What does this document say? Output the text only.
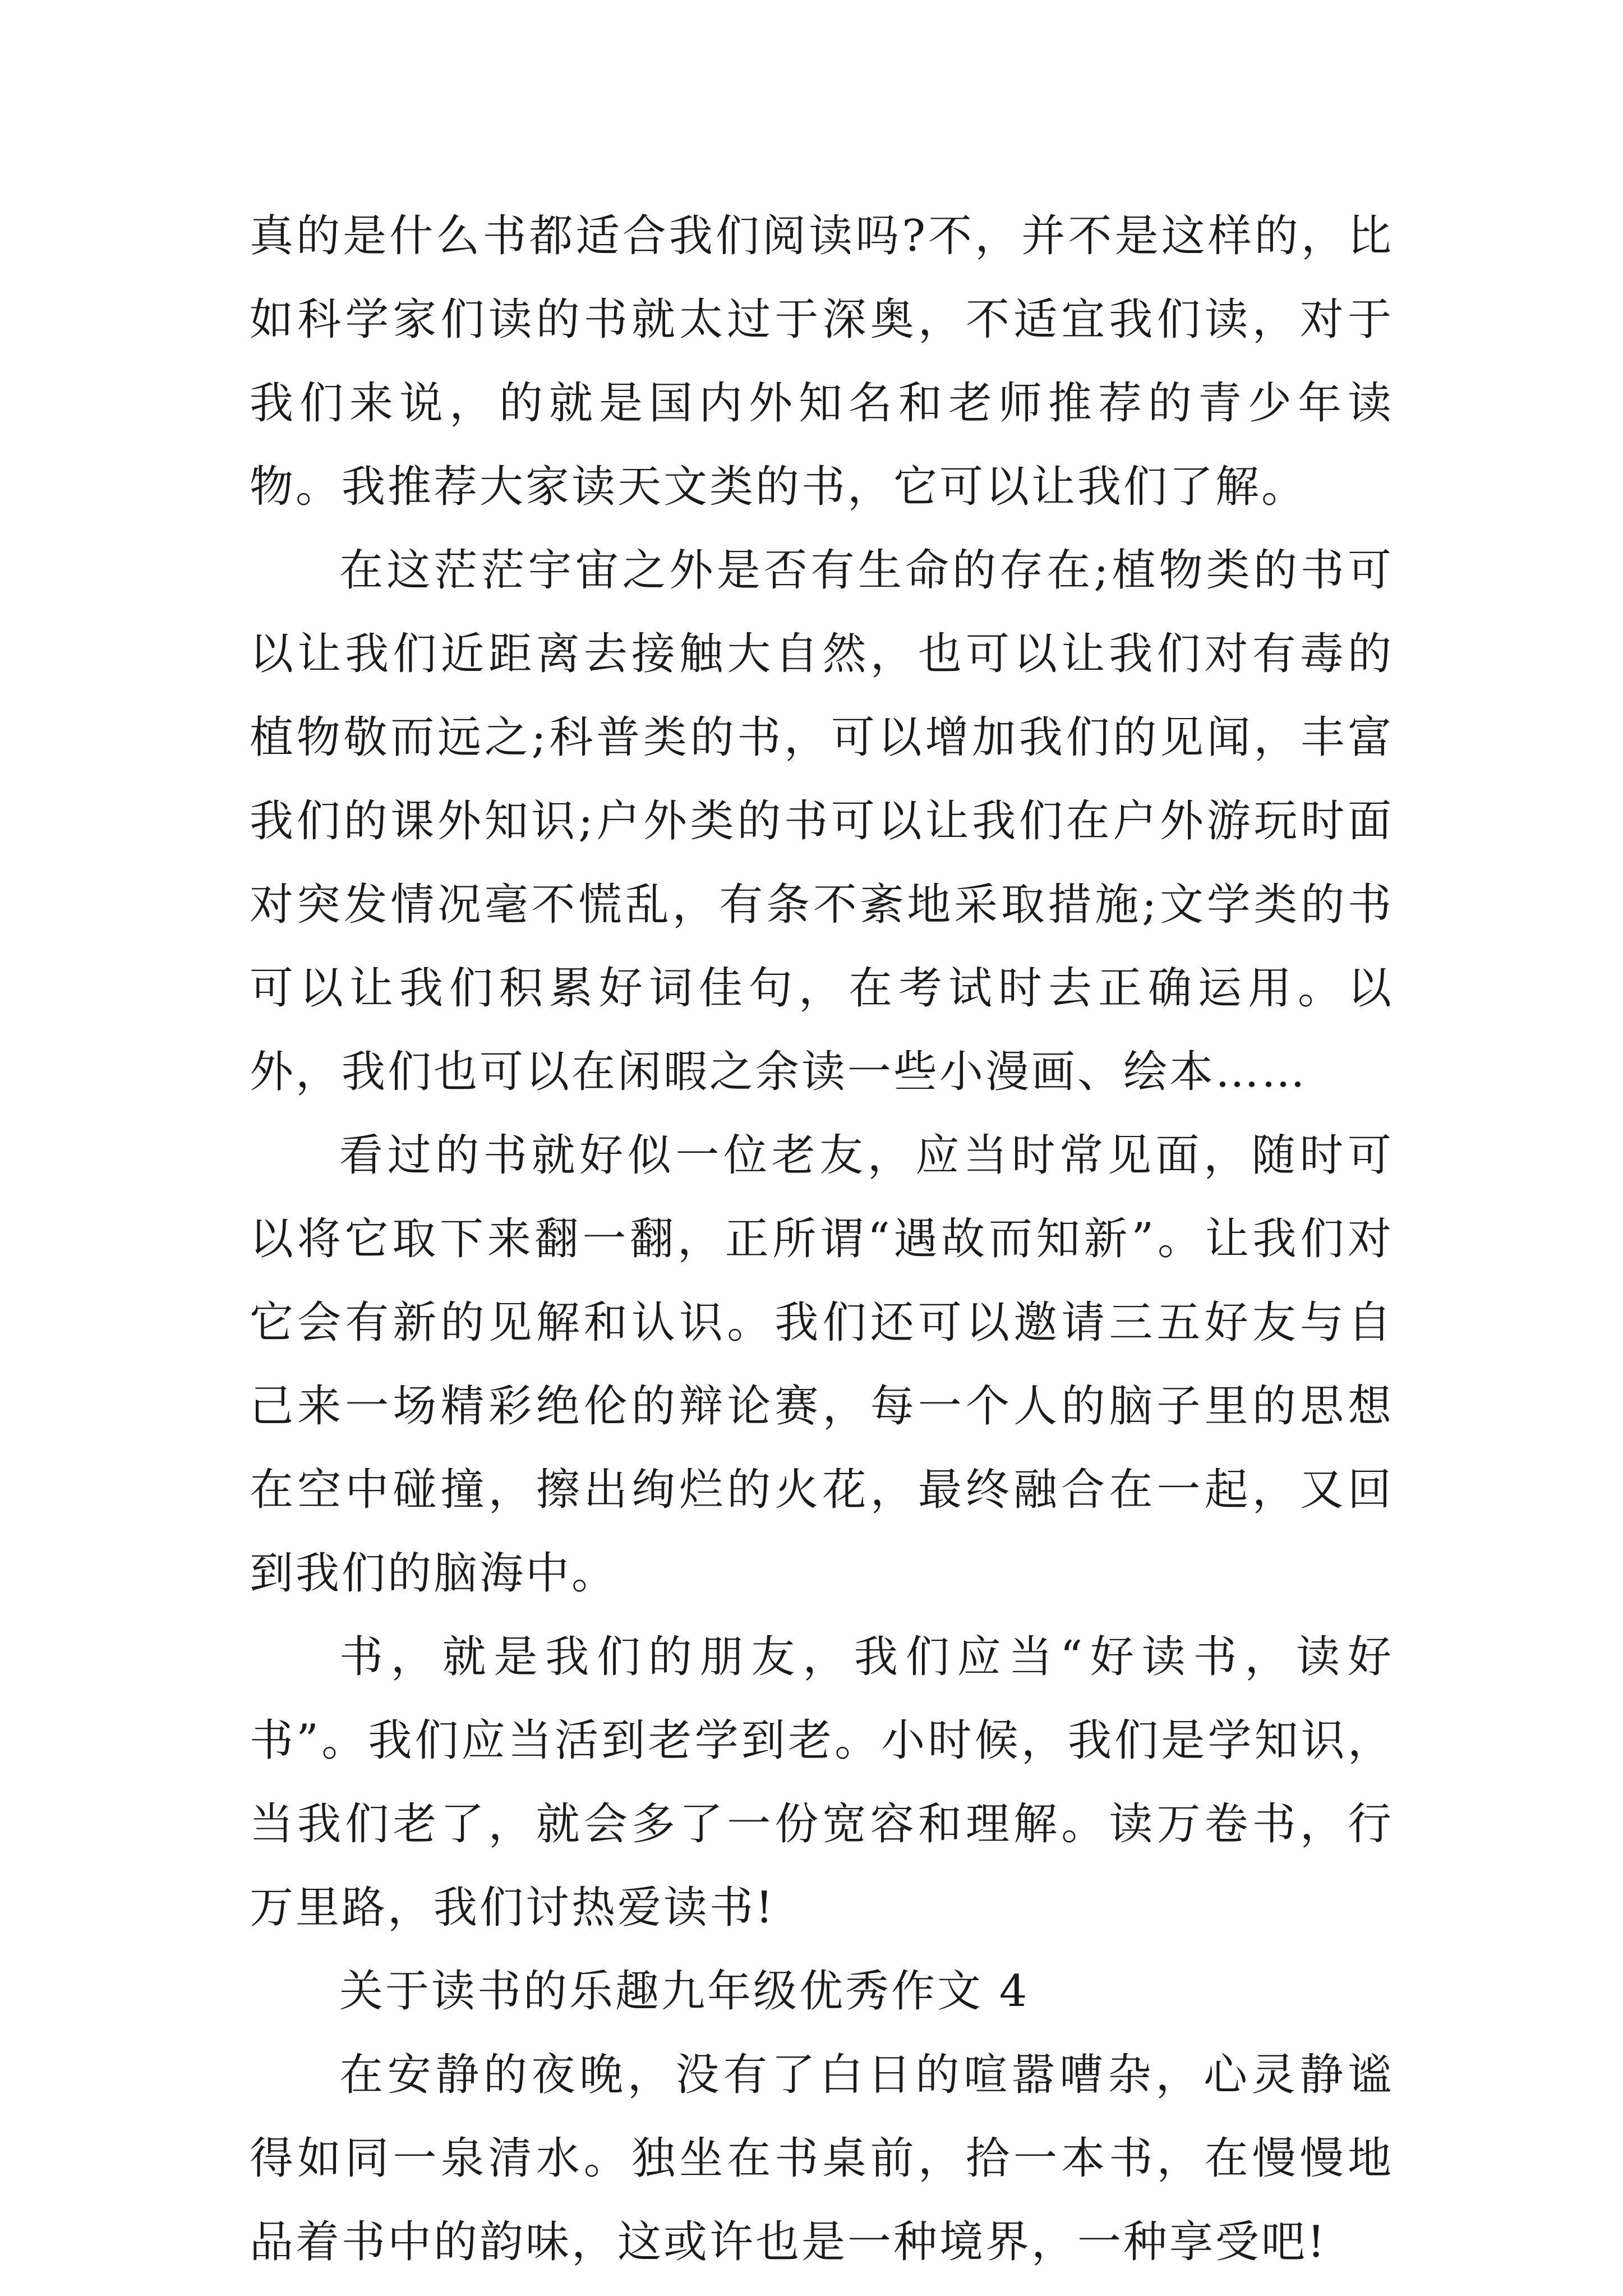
真的是什么书都适合我们阅读吗?不，并不是这样的，比如科学家们读的书就太过于深奥，不适宜我们读，对于我们来说，的就是国内外知名和老师推荐的青少年读物。我推荐大家读天文类的书，它可以让我们了解。

在这茫茫宇宙之外是否有生命的存在;植物类的书可以让我们近距离去接触大自然，也可以让我们对有毒的植物敬而远之;科普类的书，可以增加我们的见闻，丰富我们的课外知识;户外类的书可以让我们在户外游玩时面对突发情况毫不慌乱，有条不紊地采取措施;文学类的书可以让我们积累好词佳句，在考试时去正确运用。以外，我们也可以在闲暇之余读一些小漫画、绘本……

看过的书就好似一位老友，应当时常见面，随时可以将它取下来翻一翻，正所谓“遇故而知新”。让我们对它会有新的见解和认识。我们还可以邀请三五好友与自己来一场精彩绝伦的辩论赛，每一个人的脑子里的思想在空中碰撞，擦出绚烂的火花，最终融合在一起，又回到我们的脑海中。

书，就是我们的朋友，我们应当“好读书，读好书”。我们应当活到老学到老。小时候，我们是学知识，当我们老了，就会多了一份宽容和理解。读万卷书，行万里路，我们讨热爱读书!

关于读书的乐趣九年级优秀作文 4

在安静的夜晚，没有了白日的喧嚣嘈杂，心灵静谧得如同一泉清水。独坐在书桌前，拾一本书，在慢慢地品着书中的韵味，这或许也是一种境界，一种享受吧!
